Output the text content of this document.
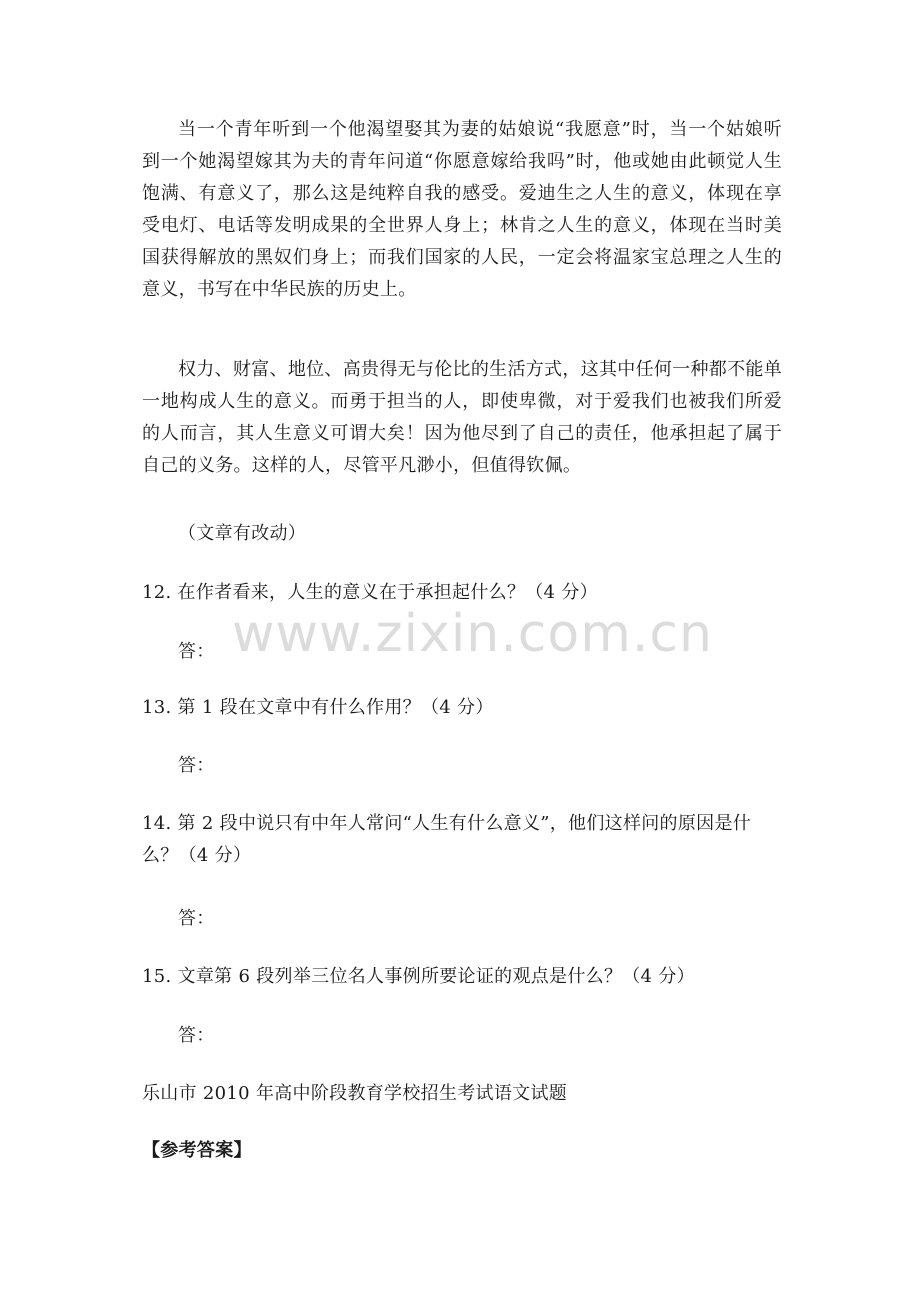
www.zixin.com.cn
当一个青年听到一个他渴望娶其为妻的姑娘说“我愿意”时，当一个姑娘听到一个她渴望嫁其为夫的青年问道“你愿意嫁给我吗”时，他或她由此顿觉人生饱满、有意义了，那么这是纯粹自我的感受。爱迪生之人生的意义，体现在享受电灯、电话等发明成果的全世界人身上；林肯之人生的意义，体现在当时美国获得解放的黑奴们身上；而我们国家的人民，一定会将温家宝总理之人生的意义，书写在中华民族的历史上。
权力、财富、地位、高贵得无与伦比的生活方式，这其中任何一种都不能单一地构成人生的意义。而勇于担当的人，即使卑微，对于爱我们也被我们所爱的人而言，其人生意义可谓大矣！因为他尽到了自己的责任，他承担起了属于自己的义务。这样的人，尽管平凡渺小，但值得钦佩。
（文章有改动）
12. 在作者看来，人生的意义在于承担起什么？（4 分）
答：
13. 第 1 段在文章中有什么作用？（4 分）
答：
14. 第 2 段中说只有中年人常问“人生有什么意义”，他们这样问的原因是什么？（4 分）
答：
15. 文章第 6 段列举三位名人事例所要论证的观点是什么？（4 分）
答：
乐山市 2010 年高中阶段教育学校招生考试语文试题
【参考答案】
